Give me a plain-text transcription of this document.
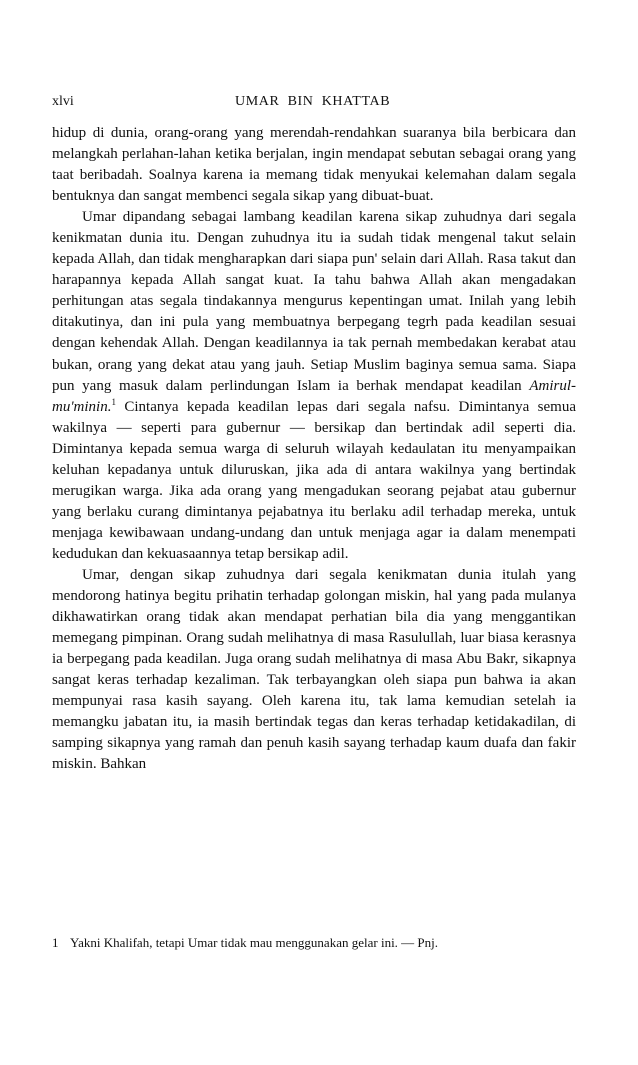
xlvi	UMAR  BIN  KHATTAB

hidup di dunia, orang-orang yang merendah-rendahkan suaranya bila berbicara dan melangkah perlahan-lahan ketika berjalan, ingin mendapat sebutan sebagai orang yang taat beribadah. Soalnya karena ia memang tidak menyukai kelemahan dalam segala bentuknya dan sangat membenci segala sikap yang dibuat-buat.

Umar dipandang sebagai lambang keadilan karena sikap zuhudnya dari segala kenikmatan dunia itu. Dengan zuhudnya itu ia sudah tidak mengenal takut selain kepada Allah, dan tidak mengharapkan dari siapa pun' selain dari Allah. Rasa takut dan harapannya kepada Allah sangat kuat. Ia tahu bahwa Allah akan mengadakan perhitungan atas segala tindakannya mengurus kepentingan umat. Inilah yang lebih ditakutinya, dan ini pula yang membuatnya berpegang tegrh pada keadilan sesuai dengan kehendak Allah. Dengan keadilannya ia tak pernah membedakan kerabat atau bukan, orang yang dekat atau yang jauh. Setiap Muslim baginya semua sama. Siapa pun yang masuk dalam perlindungan Islam ia berhak mendapat keadilan Amirul-mu'minin.$^1$ Cintanya kepada keadilan lepas dari segala nafsu. Dimintanya semua wakilnya — seperti para gubernur — bersikap dan bertindak adil seperti dia. Dimintanya kepada semua warga di seluruh wilayah kedaulatan itu menyampaikan keluhan kepadanya untuk diluruskan, jika ada di antara wakilnya yang bertindak merugikan warga. Jika ada orang yang mengadukan seorang pejabat atau gubernur yang berlaku curang dimintanya pejabatnya itu berlaku adil terhadap mereka, untuk menjaga kewibawaan undang-undang dan untuk menjaga agar ia dalam menempati kedudukan dan kekuasaannya tetap bersikap adil.

Umar, dengan sikap zuhudnya dari segala kenikmatan dunia itulah yang mendorong hatinya begitu prihatin terhadap golongan miskin, hal yang pada mulanya dikhawatirkan orang tidak akan mendapat perhatian bila dia yang menggantikan memegang pimpinan. Orang sudah melihatnya di masa Rasulullah, luar biasa kerasnya ia berpegang pada keadilan. Juga orang sudah melihatnya di masa Abu Bakr, sikapnya sangat keras terhadap kezaliman. Tak terbayangkan oleh siapa pun bahwa ia akan mempunyai rasa kasih sayang. Oleh karena itu, tak lama kemudian setelah ia memangku jabatan itu, ia masih bertindak tegas dan keras terhadap ketidakadilan, di samping sikapnya yang ramah dan penuh kasih sayang terhadap kaum duafa dan fakir miskin. Bahkan

1 Yakni Khalifah, tetapi Umar tidak mau menggunakan gelar ini. — Pnj.
